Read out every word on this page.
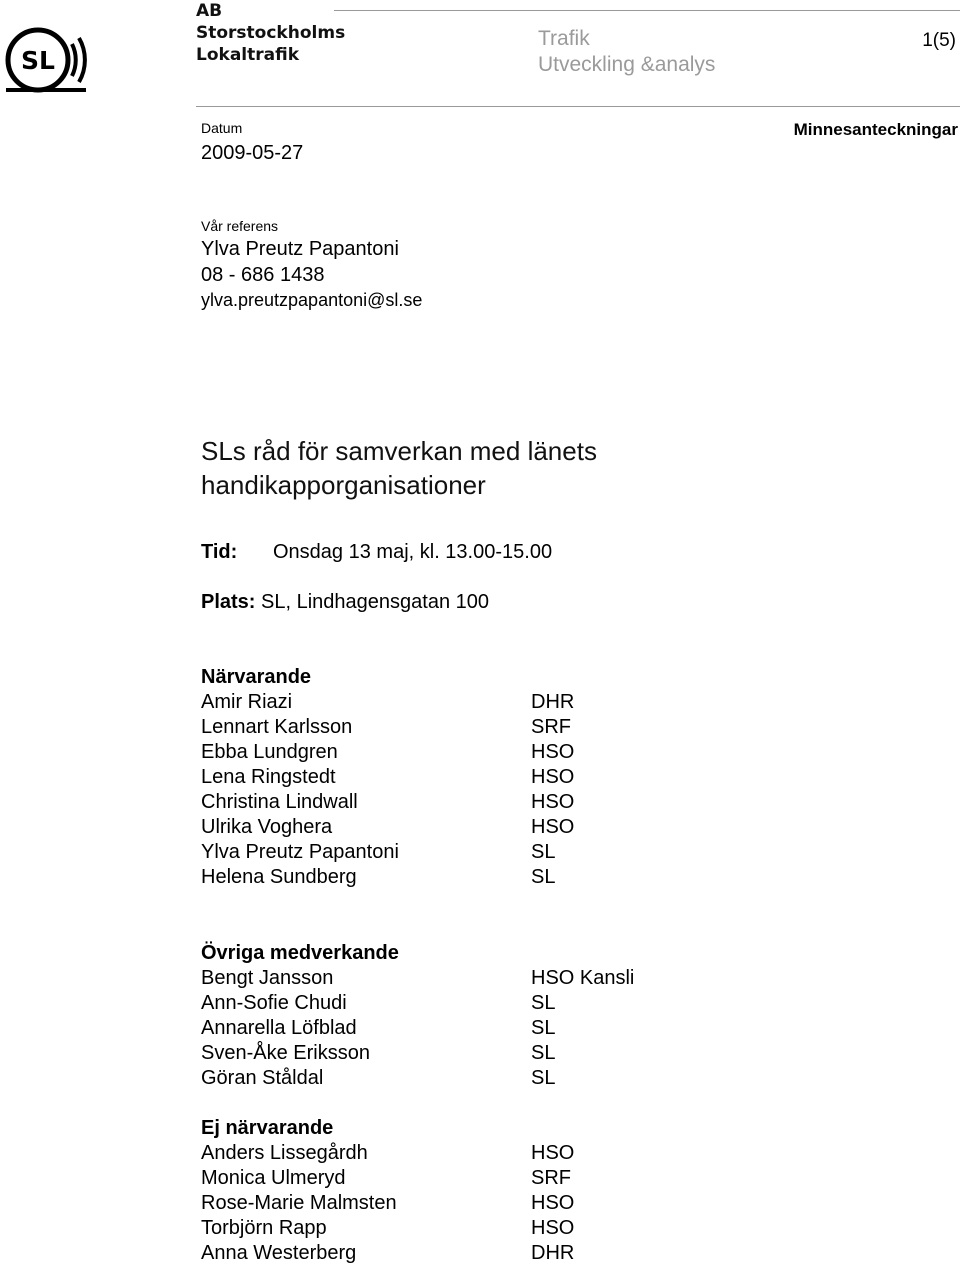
SL
AB
Storstockholms
Lokaltrafik
Trafik
Utveckling &analys
1(5)
Datum
2009-05-27
Minnesanteckningar
Vår referens
Ylva Preutz Papantoni
08 - 686 1438
ylva.preutzpapantoni@sl.se
SLs råd för samverkan med länets
handikapporganisationer
Tid: Onsdag 13 maj, kl. 13.00-15.00
Plats: SL, Lindhagensgatan 100
Närvarande
Amir Riazi	DHR
Lennart Karlsson	SRF
Ebba Lundgren	HSO
Lena Ringstedt	HSO
Christina Lindwall	HSO
Ulrika Voghera	HSO
Ylva Preutz Papantoni	SL
Helena Sundberg	SL
Övriga medverkande
Bengt Jansson	HSO Kansli
Ann-Sofie Chudi	SL
Annarella Löfblad	SL
Sven-Åke Eriksson	SL
Göran Ståldal	SL
Ej närvarande
Anders Lissegårdh	HSO
Monica Ulmeryd	SRF
Rose-Marie Malmsten	HSO
Torbjörn Rapp	HSO
Anna Westerberg	DHR
